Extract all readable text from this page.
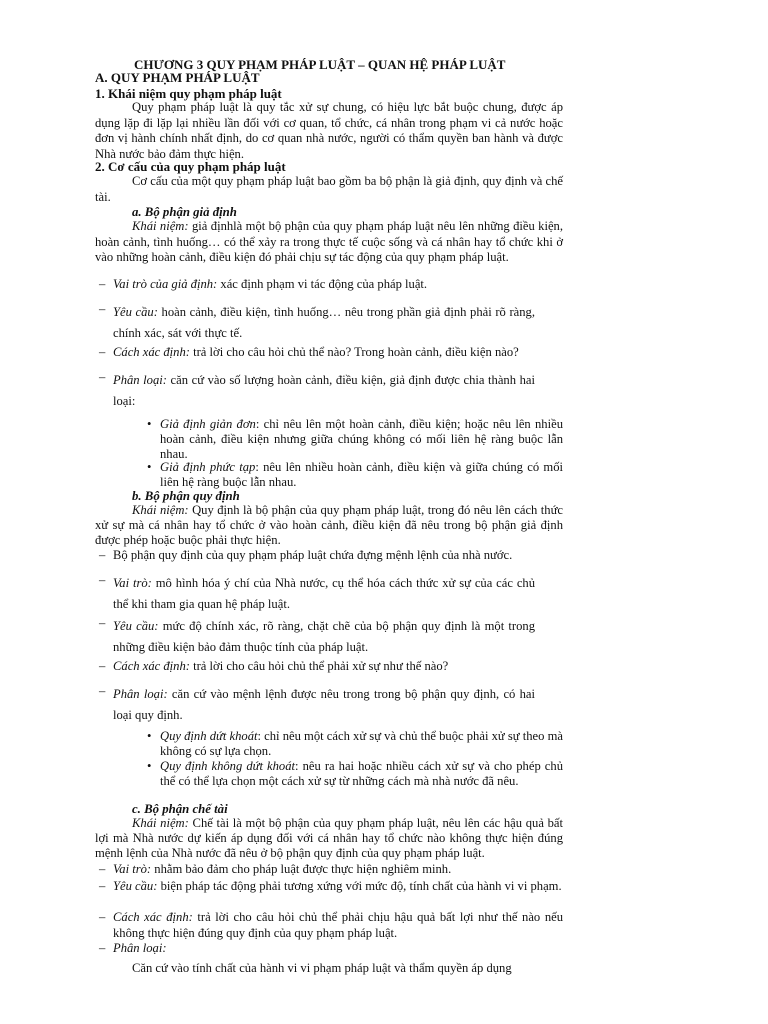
CHƯƠNG 3 QUY PHẠM PHÁP LUẬT – QUAN HỆ PHÁP LUẬT
A. QUY PHẠM PHÁP LUẬT
1. Khái niệm quy phạm pháp luật
Quy phạm pháp luật là quy tắc xử sự chung, có hiệu lực bắt buộc chung, được áp dụng lặp đi lặp lại nhiều lần đối với cơ quan, tổ chức, cá nhân trong phạm vi cả nước hoặc đơn vị hành chính nhất định, do cơ quan nhà nước, người có thẩm quyền ban hành và được Nhà nước bảo đảm thực hiện.
2. Cơ cấu của quy phạm pháp luật
Cơ cấu của một quy phạm pháp luật bao gồm ba bộ phận là giả định, quy định và chế tài.
a. Bộ phận giả định
Khái niệm: giả địnhlà một bộ phận của quy phạm pháp luật nêu lên những điều kiện, hoàn cảnh, tình huống… có thể xảy ra trong thực tế cuộc sống và cá nhân hay tổ chức khi ở vào những hoàn cảnh, điều kiện đó phải chịu sự tác động của quy phạm pháp luật.
– Vai trò của giả định: xác định phạm vi tác động của pháp luật.
– Yêu cầu: hoàn cảnh, điều kiện, tình huống… nêu trong phần giả định phải rõ ràng, chính xác, sát với thực tế.
– Cách xác định: trả lời cho câu hỏi chủ thể nào? Trong hoàn cảnh, điều kiện nào?
– Phân loại: căn cứ vào số lượng hoàn cảnh, điều kiện, giả định được chia thành hai loại:
• Giả định giản đơn: chỉ nêu lên một hoàn cảnh, điều kiện; hoặc nêu lên nhiều hoàn cảnh, điều kiện nhưng giữa chúng không có mối liên hệ ràng buộc lẫn nhau.
• Giả định phức tạp: nêu lên nhiều hoàn cảnh, điều kiện và giữa chúng có mối liên hệ ràng buộc lẫn nhau.
b. Bộ phận quy định
Khái niệm: Quy định là bộ phận của quy phạm pháp luật, trong đó nêu lên cách thức xử sự mà cá nhân hay tổ chức ở vào hoàn cảnh, điều kiện đã nêu trong bộ phận giả định được phép hoặc buộc phải thực hiện.
– Bộ phận quy định của quy phạm pháp luật chứa đựng mệnh lệnh của nhà nước.
– Vai trò: mô hình hóa ý chí của Nhà nước, cụ thể hóa cách thức xử sự của các chủ thể khi tham gia quan hệ pháp luật.
– Yêu cầu: mức độ chính xác, rõ ràng, chặt chẽ của bộ phận quy định là một trong những điều kiện bảo đảm thuộc tính của pháp luật.
– Cách xác định: trả lời cho câu hỏi chủ thể phải xử sự như thế nào?
– Phân loại: căn cứ vào mệnh lệnh được nêu trong trong bộ phận quy định, có hai loại quy định.
• Quy định dứt khoát: chỉ nêu một cách xử sự và chủ thể buộc phải xử sự theo mà không có sự lựa chọn.
• Quy định không dứt khoát: nêu ra hai hoặc nhiều cách xử sự và cho phép chủ thể có thể lựa chọn một cách xử sự từ những cách mà nhà nước đã nêu.
c. Bộ phận chế tài
Khái niệm: Chế tài là một bộ phận của quy phạm pháp luật, nêu lên các hậu quả bất lợi mà Nhà nước dự kiến áp dụng đối với cá nhân hay tổ chức nào không thực hiện đúng mệnh lệnh của Nhà nước đã nêu ở bộ phận quy định của quy phạm pháp luật.
– Vai trò: nhằm bảo đảm cho pháp luật được thực hiện nghiêm minh.
– Yêu cầu: biện pháp tác động phải tương xứng với mức độ, tính chất của hành vi vi phạm.
– Cách xác định: trả lời cho câu hỏi chủ thể phải chịu hậu quả bất lợi như thế nào nếu không thực hiện đúng quy định của quy phạm pháp luật.
– Phân loại:
Căn cứ vào tính chất của hành vi vi phạm pháp luật và thẩm quyền áp dụng
